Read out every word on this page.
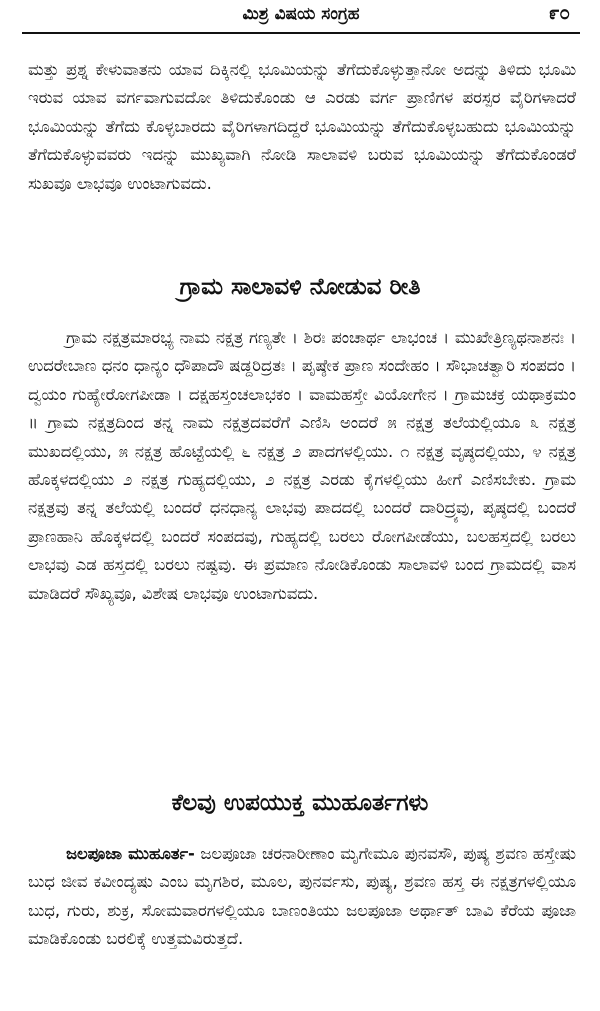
ಮಿಶ್ರ ವಿಷಯ ಸಂಗ್ರಹ	೯೦

ಮತ್ತು ಪ್ರಶ್ನ ಕೇಳುವಾತನು ಯಾವ ದಿಕ್ಕಿನಲ್ಲಿ ಭೂಮಿಯನ್ನು ತೆಗೆದುಕೊಳ್ಳುತ್ತಾನೋ ಅದನ್ನು ತಿಳಿದು ಭೂಮಿ ಇರುವ ಯಾವ ವರ್ಗವಾಗುವದೋ ತಿಳಿದುಕೊಂಡು ಆ ಎರಡು ವರ್ಗ ಪ್ರಾಣಿಗಳ ಪರಸ್ಪರ ವೈರಿಗಳಾದರೆ ಭೂಮಿಯನ್ನು ತೆಗೆದು ಕೊಳ್ಳಬಾರದು ವೈರಿಗಳಾಗದಿದ್ದರೆ ಭೂಮಿಯನ್ನು ತೆಗೆದುಕೊಳ್ಳಬಹುದು ಭೂಮಿಯನ್ನು ತೆಗೆದುಕೊಳ್ಳುವವರು ಇದನ್ನು ಮುಖ್ಯವಾಗಿ ನೋಡಿ ಸಾಲಾವಳಿ ಬರುವ ಭೂಮಿಯನ್ನು ತೆಗೆದುಕೊಂಡರೆ ಸುಖವೂ ಲಾಭವೂ ಉಂಟಾಗುವದು.

ಗ್ರಾಮ ಸಾಲಾವಳಿ ನೋಡುವ ರೀತಿ

ಗ್ರಾಮ ನಕ್ಷತ್ರಮಾರಭ್ಯ ನಾಮ ನಕ್ಷತ್ರ ಗಣ್ಯತೇ । ಶಿರಃ ಪಂಚಾರ್ಥ ಲಾಭಂಚ । ಮುಖೇತ್ರಿಣ್ಯಥನಾಶನಃ । ಉದರೇಬಾಣ ಧನಂ ಧಾನ್ಯಂ ಧೌಪಾದೌ ಷಡ್ದರಿದ್ರತಃ । ಪೃಷ್ಠೇಕ ಪ್ರಾಣ ಸಂದೇಹಂ । ಸೌಭಾಚತ್ವಾರಿ ಸಂಪದಂ । ದ್ವಯಂ ಗುಹ್ಯೇರೋಗಪೀಡಾ । ದಕ್ಷಹಸ್ತಂಚಲಾಭಕಂ । ವಾಮಹಸ್ತೇ ವಿಯೋಗೇನ । ಗ್ರಾಮಚಕ್ರ ಯಥಾಕ್ರಮಂ ॥ ಗ್ರಾಮ ನಕ್ಷತ್ರದಿಂದ ತನ್ನ ನಾಮ ನಕ್ಷತ್ರದವರೆಗೆ ಎಣಿಸಿ ಅಂದರೆ ೫ ನಕ್ಷತ್ರ ತಲೆಯಲ್ಲಿಯೂ ೩ ನಕ್ಷತ್ರ ಮುಖದಲ್ಲಿಯು, ೫ ನಕ್ಷತ್ರ ಹೊಟ್ಟೆಯಲ್ಲಿ ೬ ನಕ್ಷತ್ರ ೨ ಪಾದಗಳಲ್ಲಿಯು. ೧ ನಕ್ಷತ್ರ ವೃಷ್ಠದಲ್ಲಿಯು, ೪ ನಕ್ಷತ್ರ ಹೊಕ್ಕಳದಲ್ಲಿಯು ೨ ನಕ್ಷತ್ರ ಗುಹ್ಯದಲ್ಲಿಯು, ೨ ನಕ್ಷತ್ರ ಎರಡು ಕೈಗಳಲ್ಲಿಯು ಹೀಗೆ ಎಣಿಸಬೇಕು. ಗ್ರಾಮ ನಕ್ಷತ್ರವು ತನ್ನ ತಲೆಯಲ್ಲಿ ಬಂದರೆ ಧನಧಾನ್ಯ ಲಾಭವು ಪಾದದಲ್ಲಿ ಬಂದರೆ ದಾರಿದ್ರ್ಯವು, ಪೃಷ್ಠದಲ್ಲಿ ಬಂದರೆ ಪ್ರಾಣಹಾನಿ ಹೊಕ್ಕಳದಲ್ಲಿ ಬಂದರೆ ಸಂಪದವು, ಗುಹ್ಯದಲ್ಲಿ ಬರಲು ರೋಗಪೀಡೆಯು, ಬಲಹಸ್ತದಲ್ಲಿ ಬರಲು ಲಾಭವು ಎಡ ಹಸ್ತದಲ್ಲಿ ಬರಲು ನಷ್ಟವು. ಈ ಪ್ರಮಾಣ ನೋಡಿಕೊಂಡು ಸಾಲಾವಳಿ ಬಂದ ಗ್ರಾಮದಲ್ಲಿ ವಾಸ ಮಾಡಿದರೆ ಸೌಖ್ಯವೂ, ವಿಶೇಷ ಲಾಭವೂ ಉಂಟಾಗುವದು.

ಕೆಲವು ಉಪಯುಕ್ತ ಮುಹೂರ್ತಗಳು

ಜಲಪೂಜಾ ಮುಹೂರ್ತ- ಜಲಪೂಜಾ ಚರನಾರೀಣಾಂ ಮೃಗೇಮೂ ಪುನವಸೌ, ಪುಷ್ಯ ಶ್ರವಣ ಹಸ್ತೇಷು ಬುಧ ಜೀವ ಕವೀಂದ್ಯಷು ಎಂಬ ಮೃಗಶಿರ, ಮೂಲ, ಪುನರ್ವಸು, ಪುಷ್ಯ, ಶ್ರವಣ ಹಸ್ತ ಈ ನಕ್ಷತ್ರಗಳಲ್ಲಿಯೂ ಬುಧ, ಗುರು, ಶುಕ್ರ, ಸೋಮವಾರಗಳಲ್ಲಿಯೂ ಬಾಣಂತಿಯು ಜಲಪೂಜಾ ಅರ್ಥಾತ್ ಬಾವಿ ಕೆರೆಯ ಪೂಜಾ ಮಾಡಿಕೊಂಡು ಬರಲಿಕ್ಕೆ ಉತ್ತಮವಿರುತ್ತದೆ.
